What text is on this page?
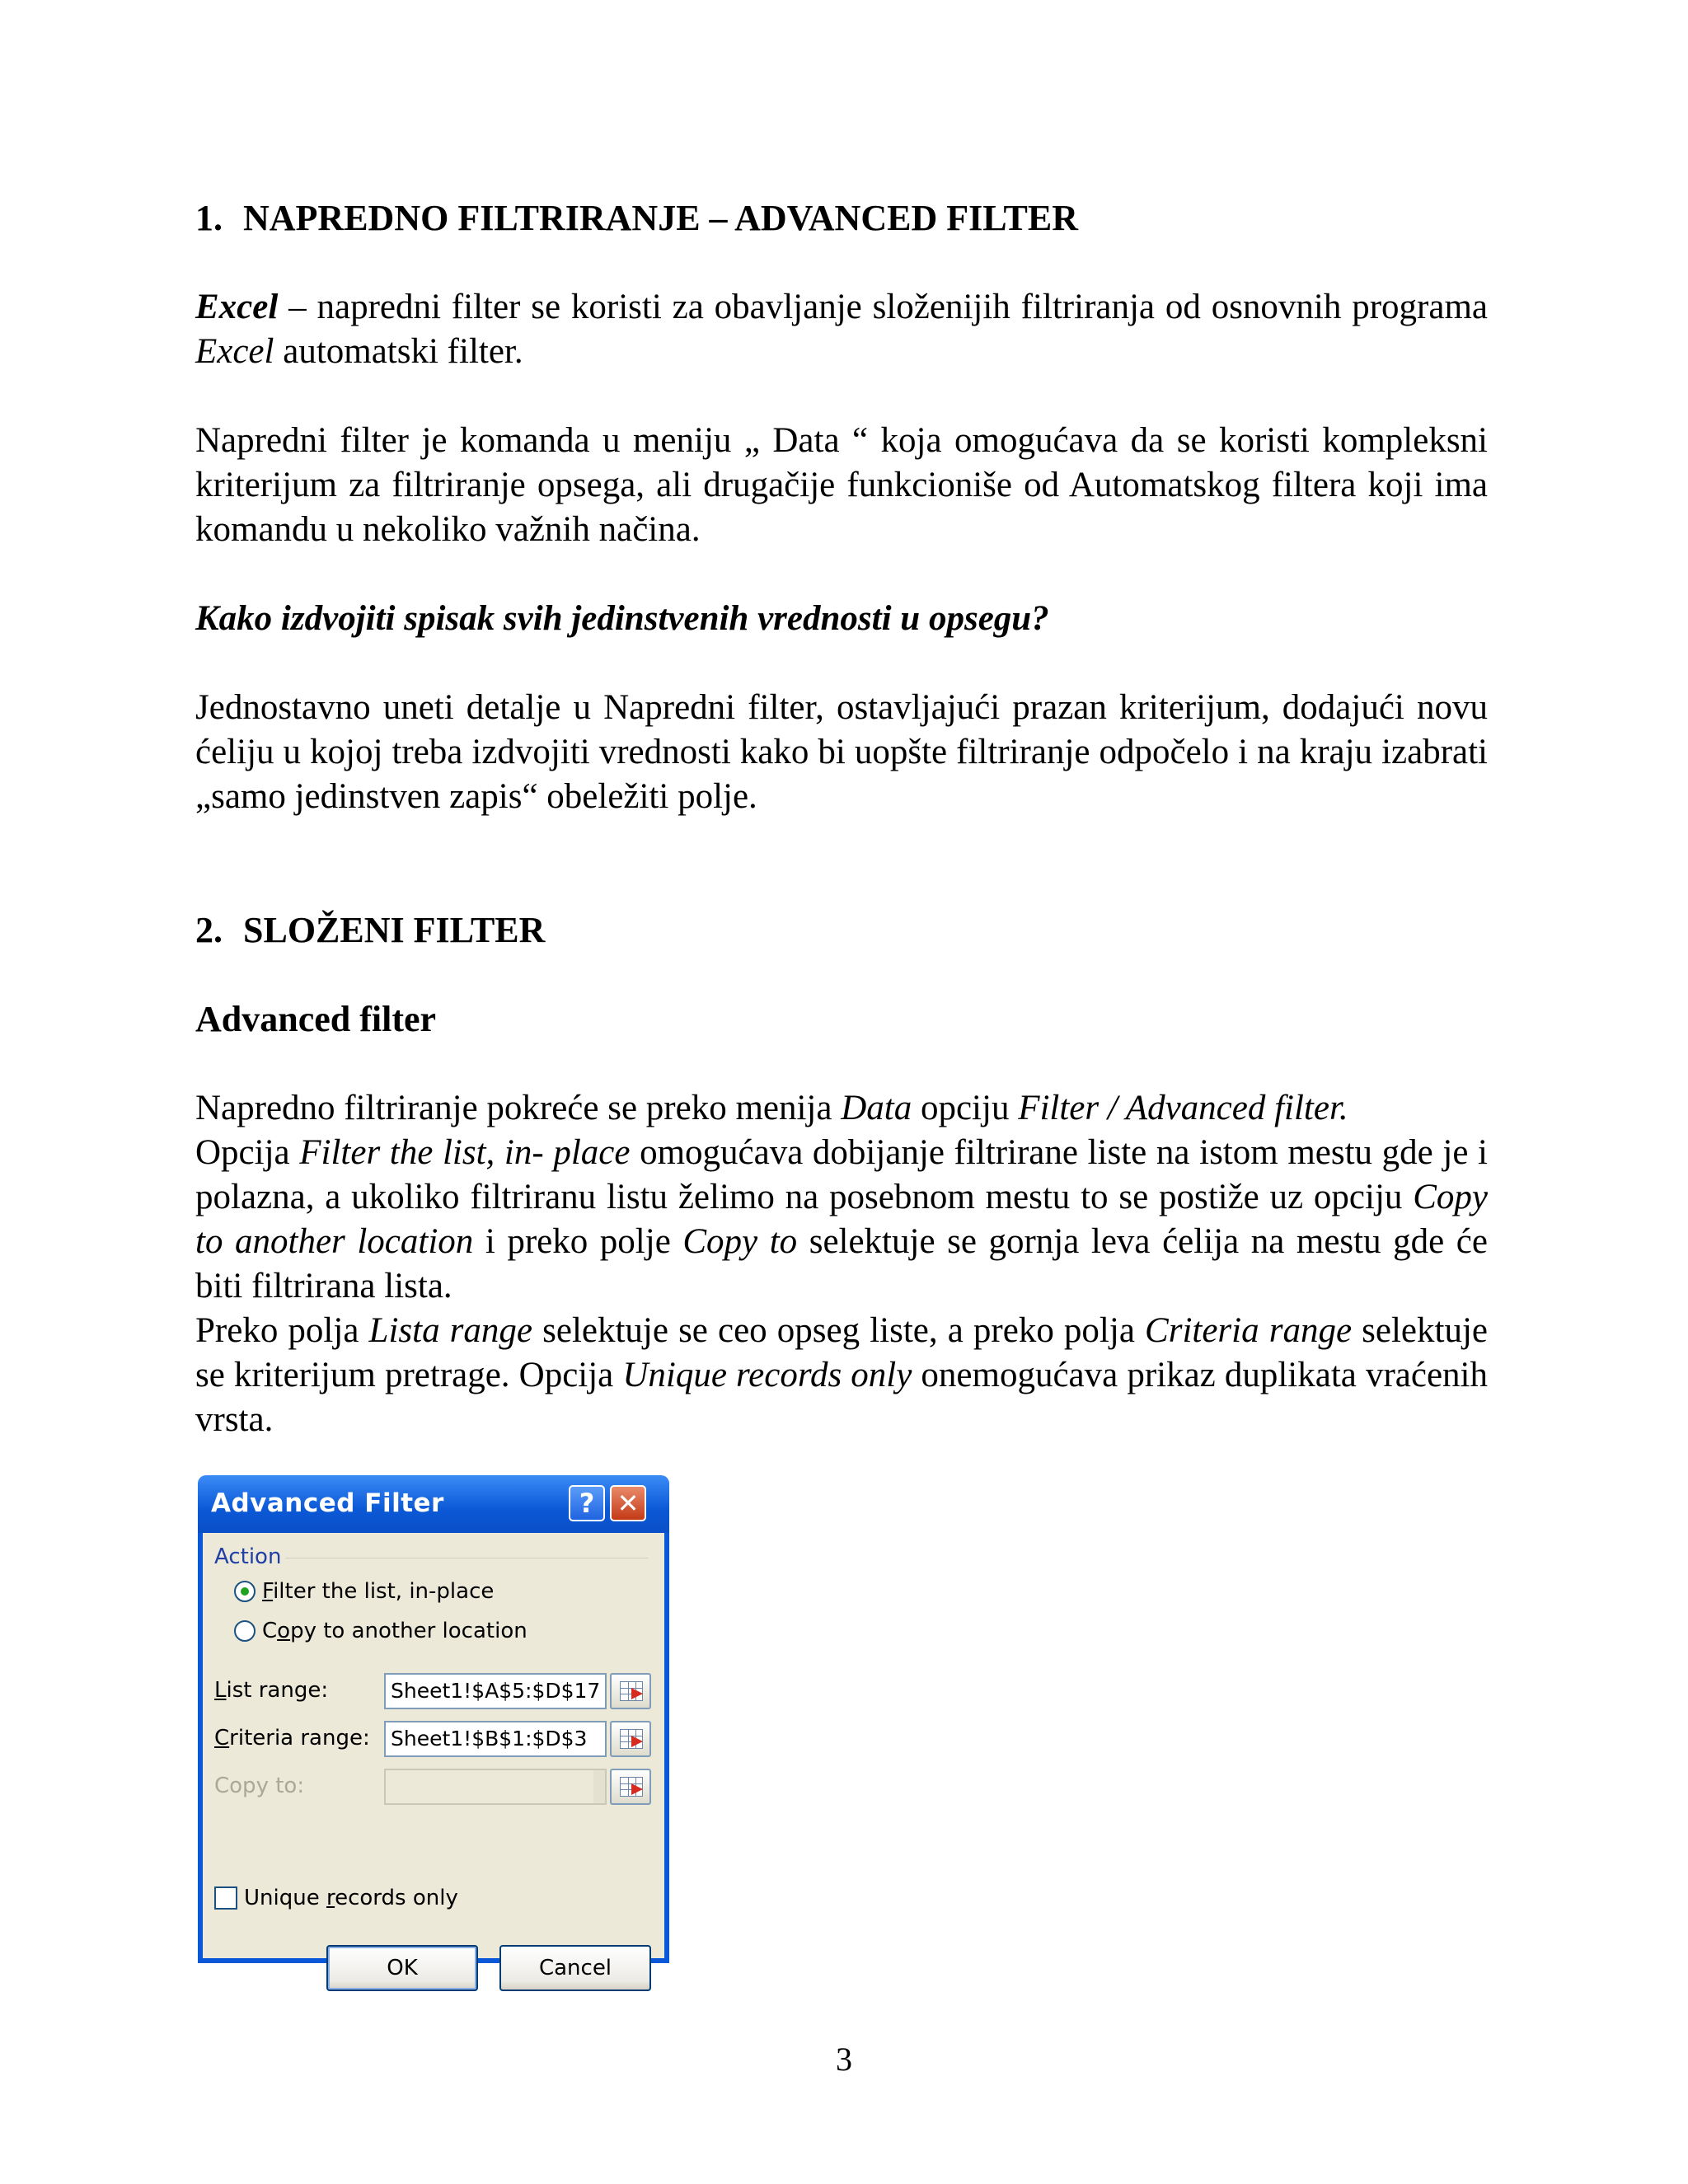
1. NAPREDNO FILTRIRANJE – ADVANCED FILTER

Excel – napredni filter se koristi za obavljanje složenijih filtriranja od osnovnih programa Excel automatski filter.

Napredni filter je komanda u meniju „ Data “ koja omogućava da se koristi kompleksni kriterijum za filtriranje opsega, ali drugačije funkcioniše od Automatskog filtera koji ima komandu u nekoliko važnih načina.

Kako izdvojiti spisak svih jedinstvenih vrednosti u opsegu?

Jednostavno uneti detalje u Napredni filter, ostavljajući prazan kriterijum, dodajući novu ćeliju u kojoj treba izdvojiti vrednosti kako bi uopšte filtriranje odpočelo i na kraju izabrati „samo jedinstven zapis“ obeležiti polje.

2. SLOŽENI FILTER
Advanced filter

Napredno filtriranje pokreće se preko menija Data opciju Filter / Advanced filter.

Opcija Filter the list, in- place omogućava dobijanje filtrirane liste na istom mestu gde je i polazna, a ukoliko filtriranu listu želimo na posebnom mestu to se postiže uz opciju Copy to another location i preko polje Copy to selektuje se gornja leva ćelija na mestu gde će biti filtrirana lista.

Preko polja Lista range selektuje se ceo opseg liste, a preko polja Criteria range selektuje se kriterijum pretrage. Opcija Unique records only onemogućava prikaz duplikata vraćenih vrsta.

Advanced Filter	? ✕
Action
Filter the list, in-place
Copy to another location
List range:	Sheet1!$A$5:$D$17
Criteria range:	Sheet1!$B$1:$D$3
Copy to:
Unique records only
OK	Cancel
3
